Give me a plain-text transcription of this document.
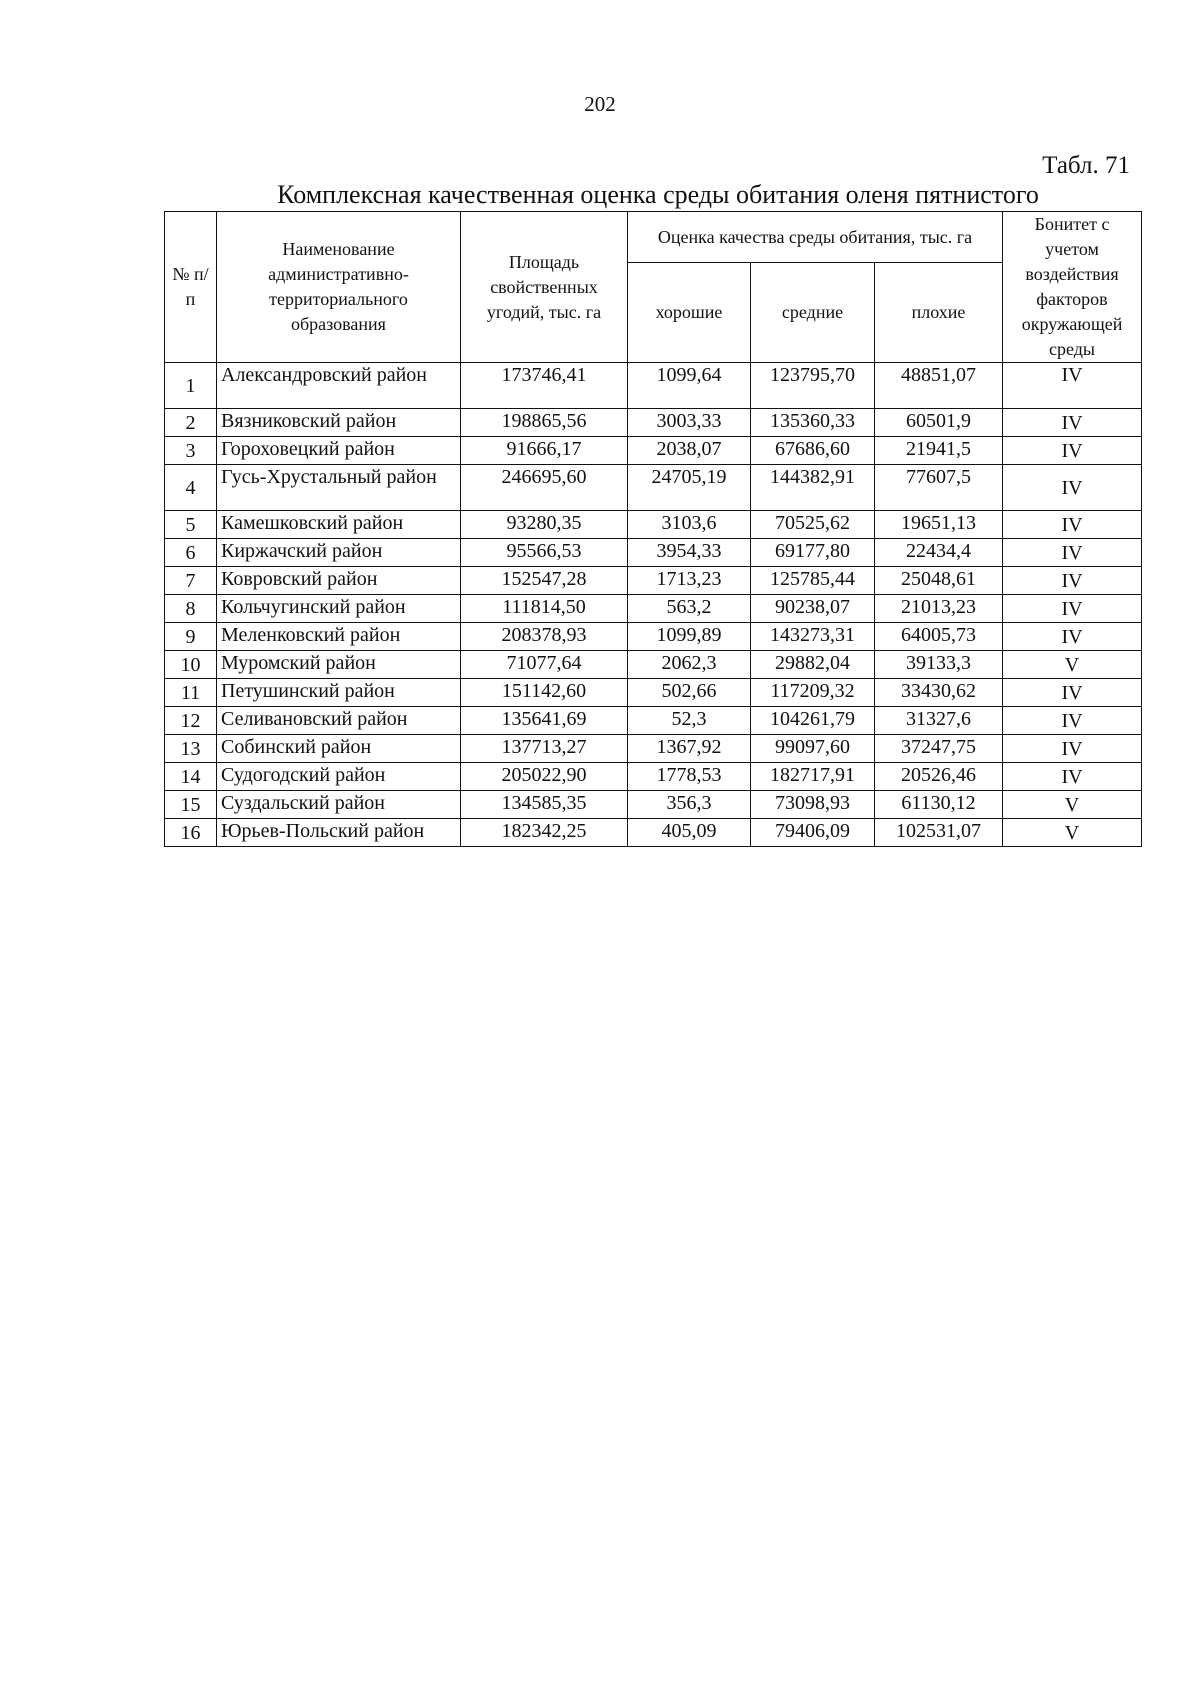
202
Табл. 71
Комплексная качественная оценка среды обитания оленя пятнистого
№ п/п	Наименование административно-территориального образования	Площадь свойственных угодий, тыс. га	Оценка качества среды обитания, тыс. га			Бонитет с учетом воздействия факторов окружающей среды
			хорошие	средние	плохие	
1	Александровский район	173746,41	1099,64	123795,70	48851,07	IV
2	Вязниковский район	198865,56	3003,33	135360,33	60501,9	IV
3	Гороховецкий район	91666,17	2038,07	67686,60	21941,5	IV
4	Гусь-Хрустальный район	246695,60	24705,19	144382,91	77607,5	IV
5	Камешковский район	93280,35	3103,6	70525,62	19651,13	IV
6	Киржачский район	95566,53	3954,33	69177,80	22434,4	IV
7	Ковровский район	152547,28	1713,23	125785,44	25048,61	IV
8	Кольчугинский район	111814,50	563,2	90238,07	21013,23	IV
9	Меленковский район	208378,93	1099,89	143273,31	64005,73	IV
10	Муромский район	71077,64	2062,3	29882,04	39133,3	V
11	Петушинский район	151142,60	502,66	117209,32	33430,62	IV
12	Селивановский район	135641,69	52,3	104261,79	31327,6	IV
13	Собинский район	137713,27	1367,92	99097,60	37247,75	IV
14	Судогодский район	205022,90	1778,53	182717,91	20526,46	IV
15	Суздальский район	134585,35	356,3	73098,93	61130,12	V
16	Юрьев-Польский район	182342,25	405,09	79406,09	102531,07	V
